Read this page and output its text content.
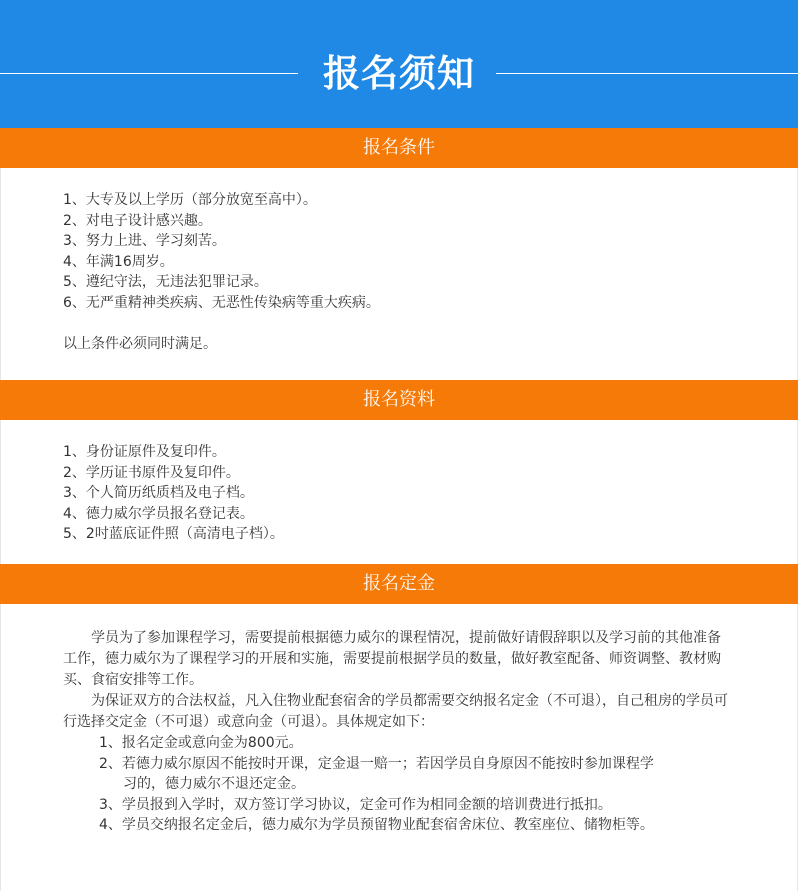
报名须知
报名条件
1、大专及以上学历（部分放宽至高中）。
2、对电子设计感兴趣。
3、努力上进、学习刻苦。
4、年满16周岁。
5、遵纪守法，无违法犯罪记录。
6、无严重精神类疾病、无恶性传染病等重大疾病。
以上条件必须同时满足。
报名资料
1、身份证原件及复印件。
2、学历证书原件及复印件。
3、个人简历纸质档及电子档。
4、德力威尔学员报名登记表。
5、2吋蓝底证件照（高清电子档）。
报名定金
学员为了参加课程学习，需要提前根据德力威尔的课程情况，提前做好请假辞职以及学习前的其他准备工作，德力威尔为了课程学习的开展和实施，需要提前根据学员的数量，做好教室配备、师资调整、教材购买、食宿安排等工作。
为保证双方的合法权益，凡入住物业配套宿舍的学员都需要交纳报名定金（不可退），自己租房的学员可行选择交定金（不可退）或意向金（可退）。具体规定如下：
1、报名定金或意向金为800元。
2、若德力威尔原因不能按时开课，定金退一赔一；若因学员自身原因不能按时参加课程学
习的，德力威尔不退还定金。
3、学员报到入学时，双方签订学习协议，定金可作为相同金额的培训费进行抵扣。
4、学员交纳报名定金后，德力威尔为学员预留物业配套宿舍床位、教室座位、储物柜等。
